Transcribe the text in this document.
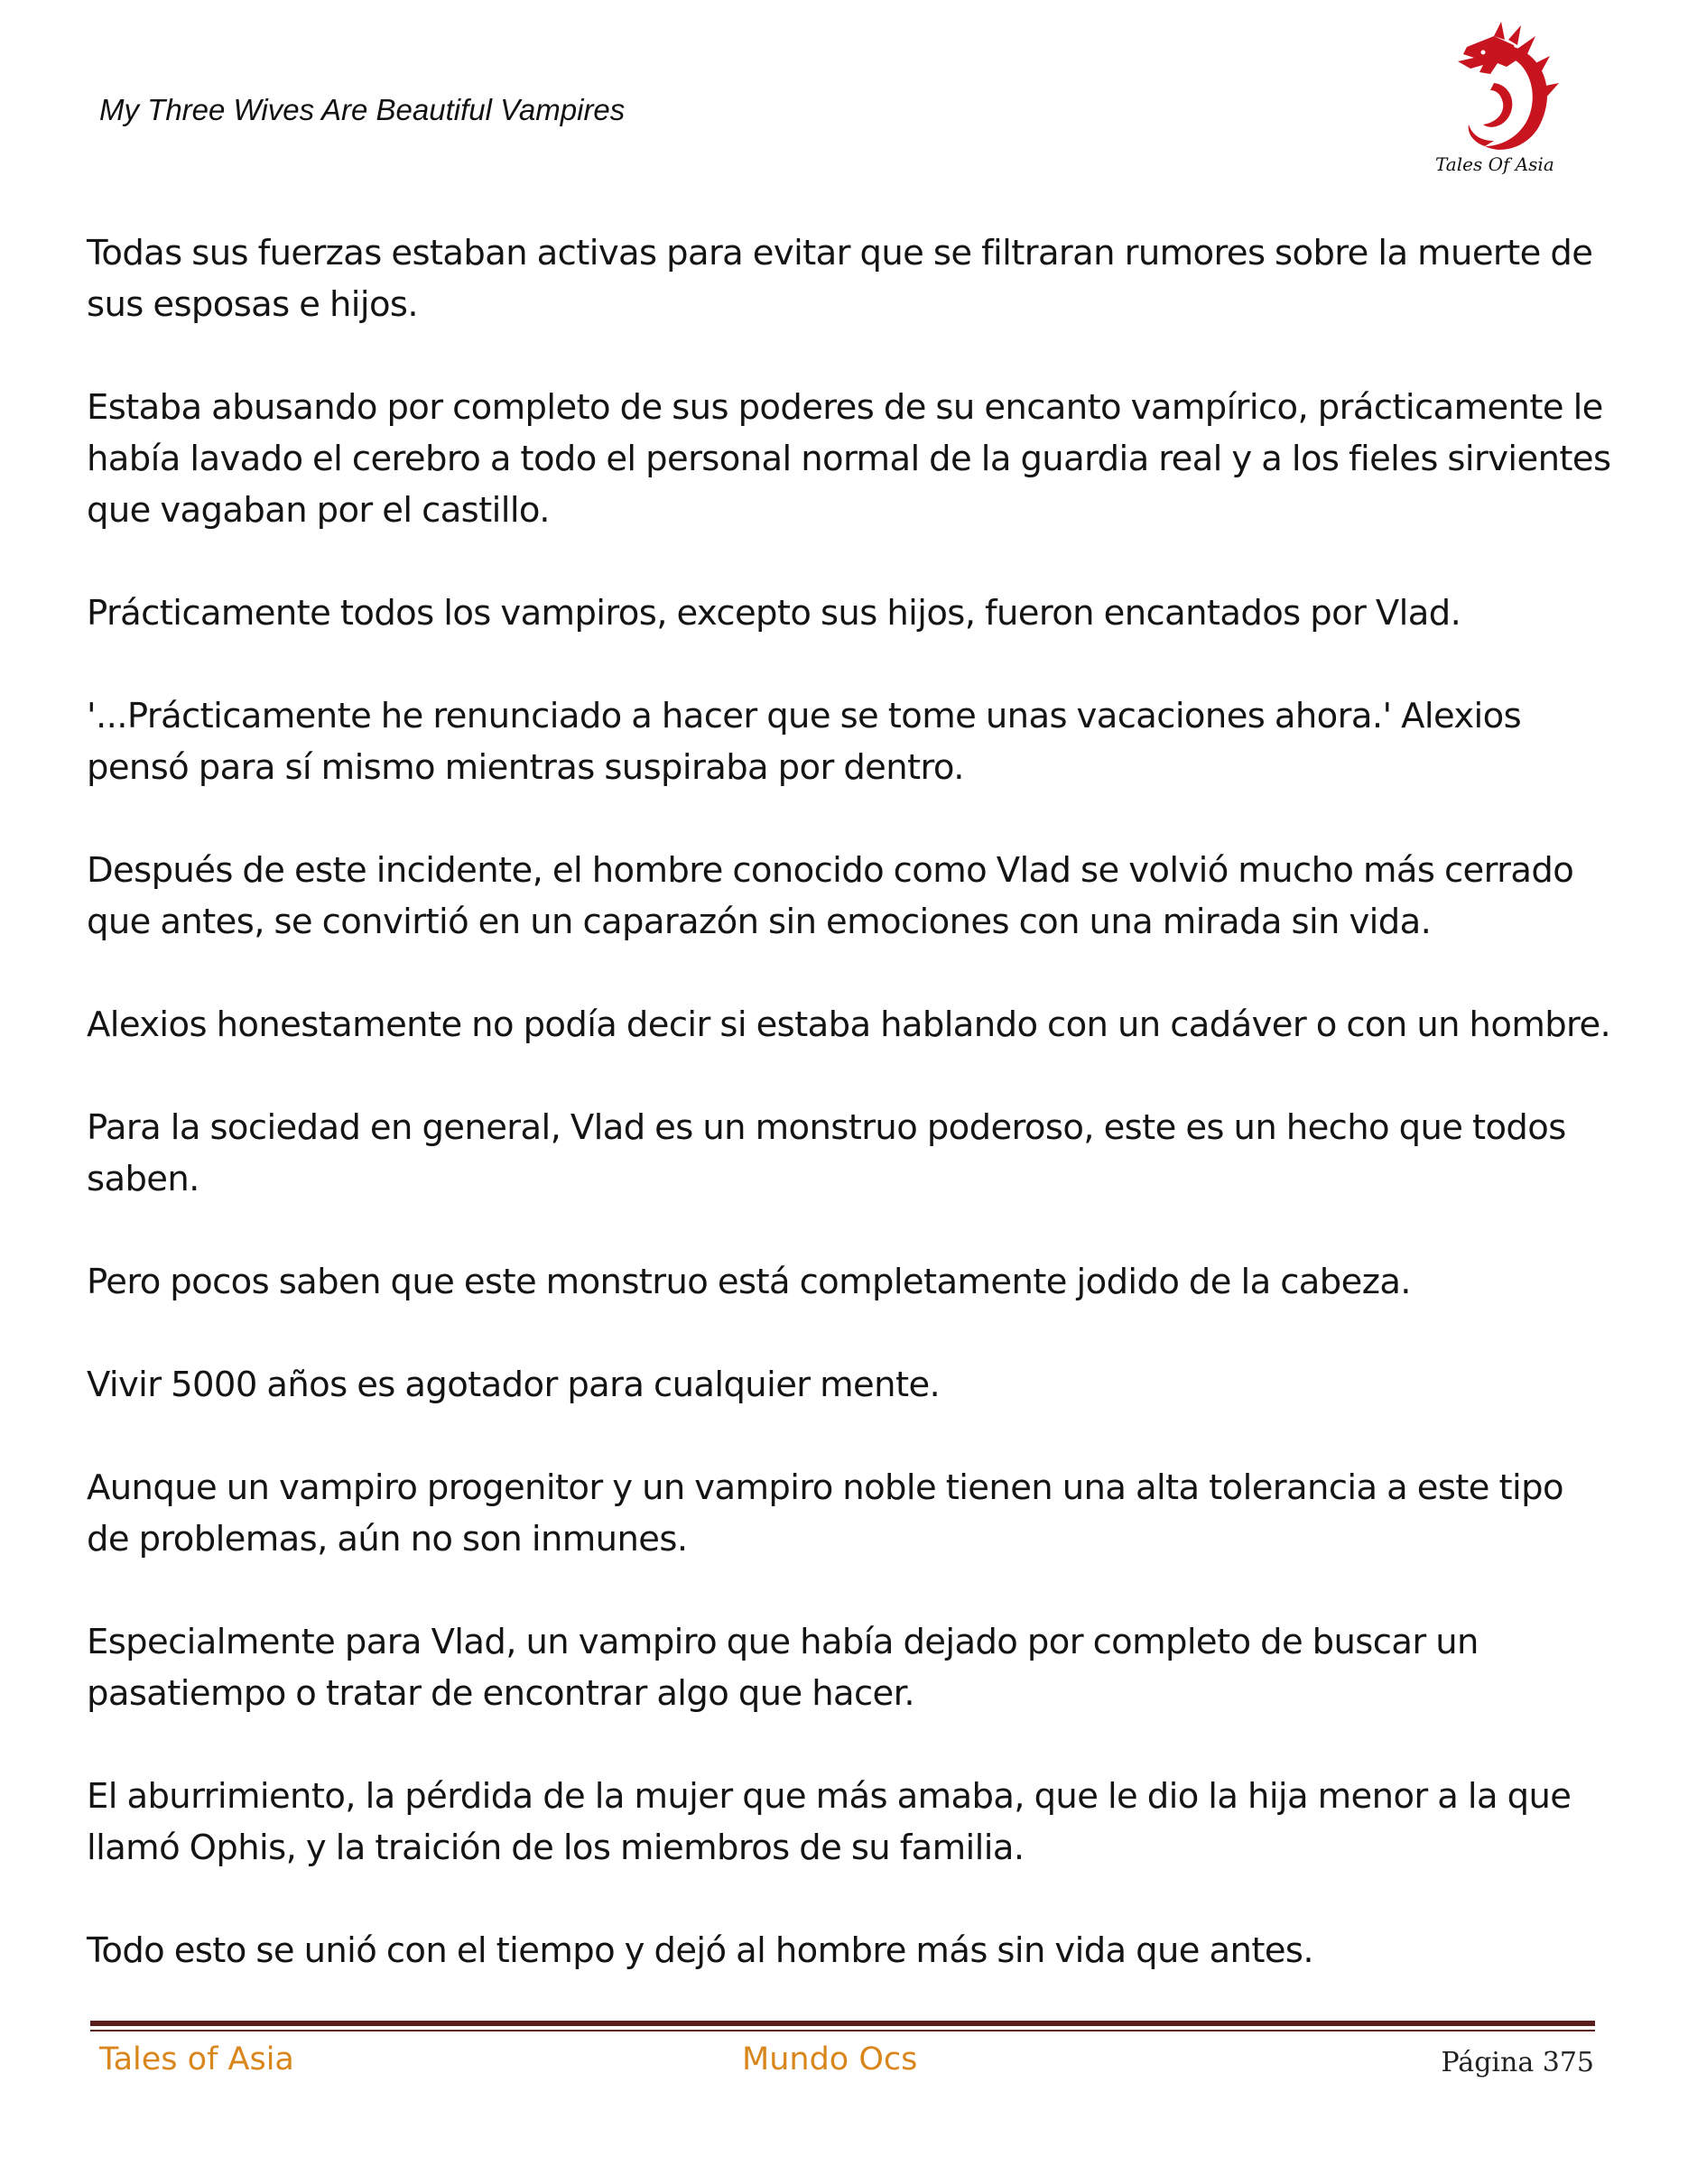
My Three Wives Are Beautiful Vampires
Tales Of Asia

Todas sus fuerzas estaban activas para evitar que se filtraran rumores sobre la muerte de sus esposas e hijos.

Estaba abusando por completo de sus poderes de su encanto vampírico, prácticamente le había lavado el cerebro a todo el personal normal de la guardia real y a los fieles sirvientes que vagaban por el castillo.

Prácticamente todos los vampiros, excepto sus hijos, fueron encantados por Vlad.

'...Prácticamente he renunciado a hacer que se tome unas vacaciones ahora.' Alexios pensó para sí mismo mientras suspiraba por dentro.

Después de este incidente, el hombre conocido como Vlad se volvió mucho más cerrado que antes, se convirtió en un caparazón sin emociones con una mirada sin vida.

Alexios honestamente no podía decir si estaba hablando con un cadáver o con un hombre.

Para la sociedad en general, Vlad es un monstruo poderoso, este es un hecho que todos saben.

Pero pocos saben que este monstruo está completamente jodido de la cabeza.

Vivir 5000 años es agotador para cualquier mente.

Aunque un vampiro progenitor y un vampiro noble tienen una alta tolerancia a este tipo de problemas, aún no son inmunes.

Especialmente para Vlad, un vampiro que había dejado por completo de buscar un pasatiempo o tratar de encontrar algo que hacer.

El aburrimiento, la pérdida de la mujer que más amaba, que le dio la hija menor a la que llamó Ophis, y la traición de los miembros de su familia.

Todo esto se unió con el tiempo y dejó al hombre más sin vida que antes.

Tales of Asia	Mundo Ocs	Página 375
